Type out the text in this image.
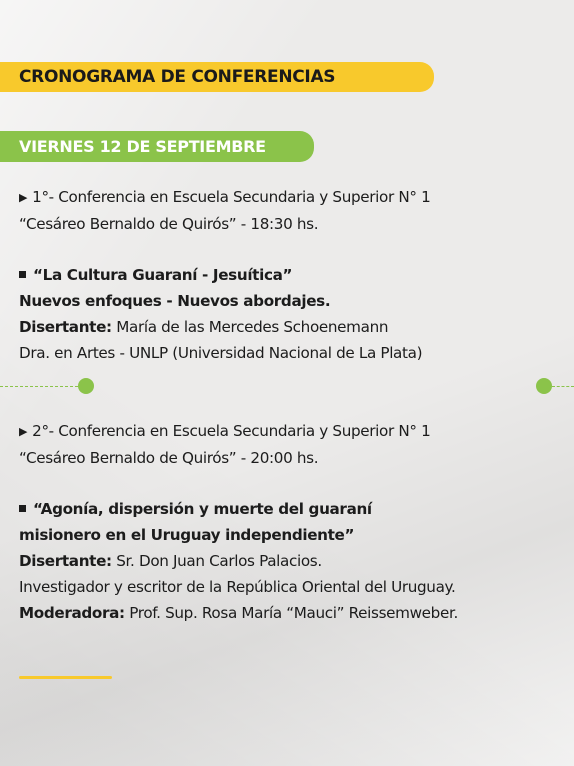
CRONOGRAMA DE CONFERENCIAS
VIERNES 12 DE SEPTIEMBRE
▶ 1°- Conferencia en Escuela Secundaria y Superior N° 1
“Cesáreo Bernaldo de Quirós” - 18:30 hs.
“La Cultura Guaraní - Jesuítica”
Nuevos enfoques - Nuevos abordajes.
Disertante: María de las Mercedes Schoenemann
Dra. en Artes - UNLP (Universidad Nacional de La Plata)
▶ 2°- Conferencia en Escuela Secundaria y Superior N° 1
“Cesáreo Bernaldo de Quirós” - 20:00 hs.
“Agonía, dispersión y muerte del guaraní
misionero en el Uruguay independiente”
Disertante: Sr. Don Juan Carlos Palacios.
Investigador y escritor de la República Oriental del Uruguay.
Moderadora: Prof. Sup. Rosa María “Mauci” Reissemweber.
